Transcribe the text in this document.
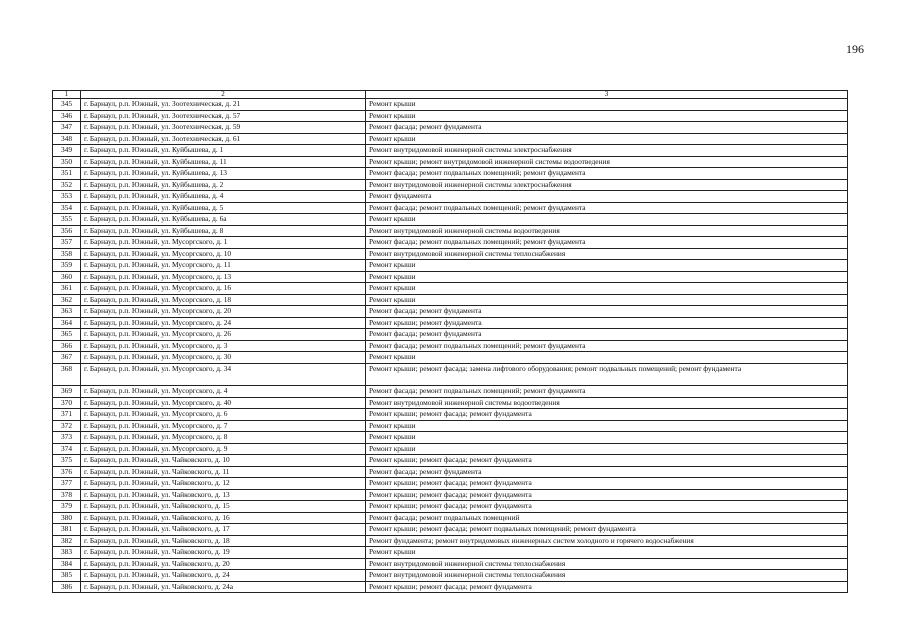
196
1	2	3
345	г. Барнаул, р.п. Южный, ул. Зоотехническая, д. 21	Ремонт крыши
346	г. Барнаул, р.п. Южный, ул. Зоотехническая, д. 57	Ремонт крыши
347	г. Барнаул, р.п. Южный, ул. Зоотехническая, д. 59	Ремонт фасада; ремонт фундамента
348	г. Барнаул, р.п. Южный, ул. Зоотехническая, д. 61	Ремонт крыши
349	г. Барнаул, р.п. Южный, ул. Куйбышева, д. 1	Ремонт внутридомовой инженерной системы электроснабжения
350	г. Барнаул, р.п. Южный, ул. Куйбышева, д. 11	Ремонт крыши; ремонт внутридомовой инженерной системы водоотведения
351	г. Барнаул, р.п. Южный, ул. Куйбышева, д. 13	Ремонт фасада; ремонт подвальных помещений; ремонт фундамента
352	г. Барнаул, р.п. Южный, ул. Куйбышева, д. 2	Ремонт внутридомовой инженерной системы электроснабжения
353	г. Барнаул, р.п. Южный, ул. Куйбышева, д. 4	Ремонт фундамента
354	г. Барнаул, р.п. Южный, ул. Куйбышева, д. 5	Ремонт фасада; ремонт подвальных помещений; ремонт фундамента
355	г. Барнаул, р.п. Южный, ул. Куйбышева, д. 6а	Ремонт крыши
356	г. Барнаул, р.п. Южный, ул. Куйбышева, д. 8	Ремонт внутридомовой инженерной системы водоотведения
357	г. Барнаул, р.п. Южный, ул. Мусоргского, д. 1	Ремонт фасада; ремонт подвальных помещений; ремонт фундамента
358	г. Барнаул, р.п. Южный, ул. Мусоргского, д. 10	Ремонт внутридомовой инженерной системы теплоснабжения
359	г. Барнаул, р.п. Южный, ул. Мусоргского, д. 11	Ремонт крыши
360	г. Барнаул, р.п. Южный, ул. Мусоргского, д. 13	Ремонт крыши
361	г. Барнаул, р.п. Южный, ул. Мусоргского, д. 16	Ремонт крыши
362	г. Барнаул, р.п. Южный, ул. Мусоргского, д. 18	Ремонт крыши
363	г. Барнаул, р.п. Южный, ул. Мусоргского, д. 20	Ремонт фасада; ремонт фундамента
364	г. Барнаул, р.п. Южный, ул. Мусоргского, д. 24	Ремонт крыши; ремонт фундамента
365	г. Барнаул, р.п. Южный, ул. Мусоргского, д. 26	Ремонт фасада; ремонт фундамента
366	г. Барнаул, р.п. Южный, ул. Мусоргского, д. 3	Ремонт фасада; ремонт подвальных помещений; ремонт фундамента
367	г. Барнаул, р.п. Южный, ул. Мусоргского, д. 30	Ремонт крыши
368	г. Барнаул, р.п. Южный, ул. Мусоргского, д. 34	Ремонт крыши; ремонт фасада; замена лифтового оборудования; ремонт подвальных помещений; ремонт фундамента
369	г. Барнаул, р.п. Южный, ул. Мусоргского, д. 4	Ремонт фасада; ремонт подвальных помещений; ремонт фундамента
370	г. Барнаул, р.п. Южный, ул. Мусоргского, д. 40	Ремонт внутридомовой инженерной системы водоотведения
371	г. Барнаул, р.п. Южный, ул. Мусоргского, д. 6	Ремонт крыши; ремонт фасада; ремонт фундамента
372	г. Барнаул, р.п. Южный, ул. Мусоргского, д. 7	Ремонт крыши
373	г. Барнаул, р.п. Южный, ул. Мусоргского, д. 8	Ремонт крыши
374	г. Барнаул, р.п. Южный, ул. Мусоргского, д. 9	Ремонт крыши
375	г. Барнаул, р.п. Южный, ул. Чайковского, д. 10	Ремонт крыши; ремонт фасада; ремонт фундамента
376	г. Барнаул, р.п. Южный, ул. Чайковского, д. 11	Ремонт фасада; ремонт фундамента
377	г. Барнаул, р.п. Южный, ул. Чайковского, д. 12	Ремонт крыши; ремонт фасада; ремонт фундамента
378	г. Барнаул, р.п. Южный, ул. Чайковского, д. 13	Ремонт крыши; ремонт фасада; ремонт фундамента
379	г. Барнаул, р.п. Южный, ул. Чайковского, д. 15	Ремонт крыши; ремонт фасада; ремонт фундамента
380	г. Барнаул, р.п. Южный, ул. Чайковского, д. 16	Ремонт фасада; ремонт подвальных помещений
381	г. Барнаул, р.п. Южный, ул. Чайковского, д. 17	Ремонт крыши; ремонт фасада; ремонт подвальных помещений; ремонт фундамента
382	г. Барнаул, р.п. Южный, ул. Чайковского, д. 18	Ремонт фундамента; ремонт внутридомовых инженерных систем холодного и горячего водоснабжения
383	г. Барнаул, р.п. Южный, ул. Чайковского, д. 19	Ремонт крыши
384	г. Барнаул, р.п. Южный, ул. Чайковского, д. 20	Ремонт внутридомовой инженерной системы теплоснабжения
385	г. Барнаул, р.п. Южный, ул. Чайковского, д. 24	Ремонт внутридомовой инженерной системы теплоснабжения
386	г. Барнаул, р.п. Южный, ул. Чайковского, д. 24а	Ремонт крыши; ремонт фасада; ремонт фундамента
